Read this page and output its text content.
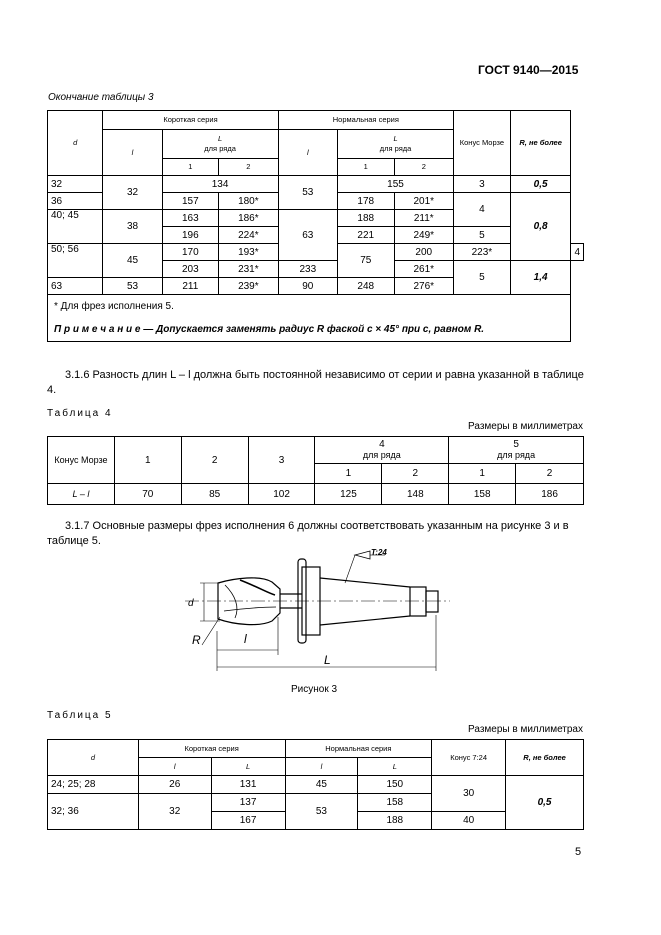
ГОСТ 9140—2015
Окончание таблицы 3
d	Короткая серия			Нормальная серия			Конус Морзе	R, не более	
	l	L
для ряда		l	L
для ряда				
		1	2		1	2			
32	32	134		53	155		3	0,5	
36		157	180*		178	201*	4	0,8	
40; 45	38	163	186*	63	188	211*			
		196	224*		221	249*	5		
50; 56	45	170	193*		75	200	223*		4
		203	231*	233		261*	5	1,4	
63	53	211	239*	90	248	276*			
* Для фрез исполнения 5.									
П р и м е ч а н и е — Допускается заменять радиус R фаской с × 45° при с, равном R.									
3.1.6 Разность длин L – l должна быть постоянной независимо от серии и равна указанной в таблице 4.
Таблица 4
Размеры в миллиметрах
Конус Морзе	1	2	3	4
для ряда		5
для ряда	
				1	2	1	2
L – l	70	85	102	125	148	158	186
3.1.7 Основные размеры фрез исполнения 6 должны соответствовать указанным на рисунке 3 и в таблице 5.
T:24
d
R	l
L
Рисунок 3
Таблица 5
Размеры в миллиметрах
d	Короткая серия		Нормальная серия		Конус 7:24	R, не более
	l	L	l	L		
24; 25; 28	26	131	45	150	30	0,5
32; 36	32	137	53	158		
		167		188	40	
5
